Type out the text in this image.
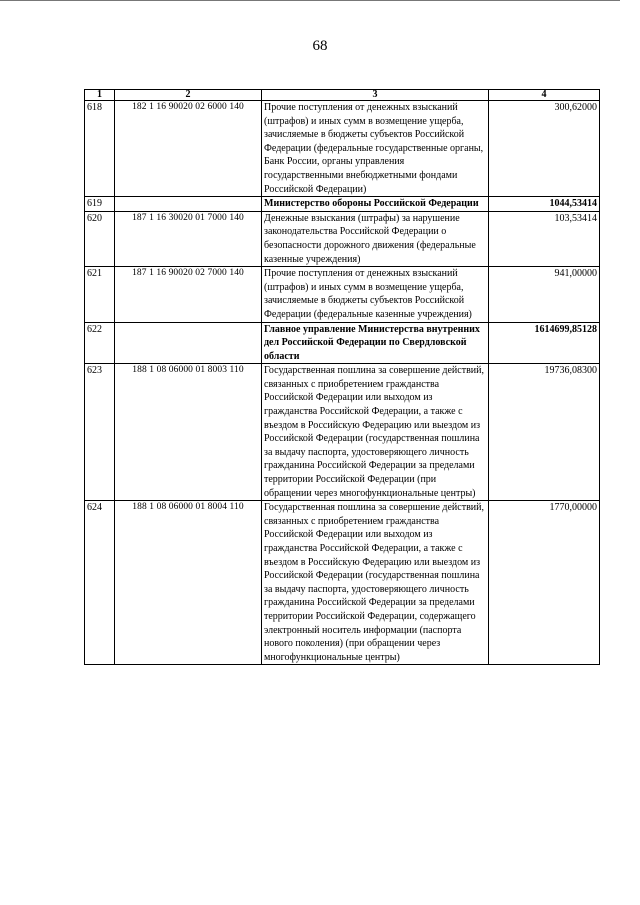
68
1	2	3	4
618	182 1 16 90020 02 6000 140	Прочие поступления от денежных взысканий (штрафов) и иных сумм в возмещение ущерба, зачисляемые в бюджеты субъектов Российской Федерации (федеральные государственные органы, Банк России, органы управления государственными внебюджетными фондами Российской Федерации)	300,62000
619		Министерство обороны Российской Федерации	1044,53414
620	187 1 16 30020 01 7000 140	Денежные взыскания (штрафы) за нарушение законодательства Российской Федерации о безопасности дорожного движения (федеральные казенные учреждения)	103,53414
621	187 1 16 90020 02 7000 140	Прочие поступления от денежных взысканий (штрафов) и иных сумм в возмещение ущерба, зачисляемые в бюджеты субъектов Российской Федерации (федеральные казенные учреждения)	941,00000
622		Главное управление Министерства внутренних дел Российской Федерации по Свердловской области	1614699,85128
623	188 1 08 06000 01 8003 110	Государственная пошлина за совершение действий, связанных с приобретением гражданства Российской Федерации или выходом из гражданства Российской Федерации, а также с въездом в Российскую Федерацию или выездом из Российской Федерации (государственная пошлина за выдачу паспорта, удостоверяющего личность гражданина Российской Федерации за пределами территории Российской Федерации (при обращении через многофункциональные центры)	19736,08300
624	188 1 08 06000 01 8004 110	Государственная пошлина за совершение действий, связанных с приобретением гражданства Российской Федерации или выходом из гражданства Российской Федерации, а также с въездом в Российскую Федерацию или выездом из Российской Федерации (государственная пошлина за выдачу паспорта, удостоверяющего личность гражданина Российской Федерации за пределами территории Российской Федерации, содержащего электронный носитель информации (паспорта нового поколения) (при обращении через многофункциональные центры)	1770,00000
